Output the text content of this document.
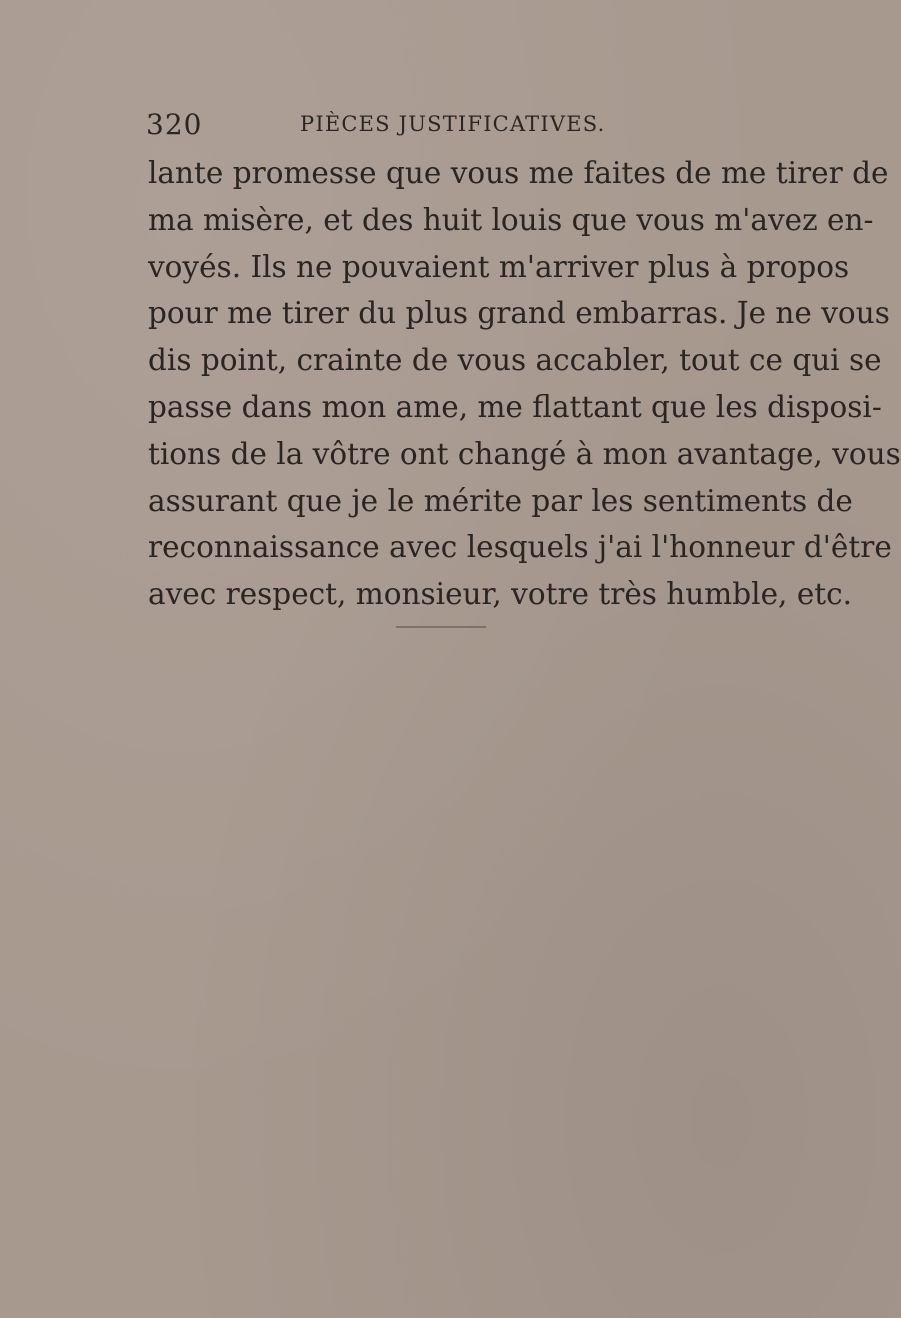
320	PIÈCES JUSTIFICATIVES.
lante promesse que vous me faites de me tirer de
ma misère, et des huit louis que vous m'avez en-
voyés. Ils ne pouvaient m'arriver plus à propos
pour me tirer du plus grand embarras. Je ne vous
dis point, crainte de vous accabler, tout ce qui se
passe dans mon ame, me flattant que les disposi-
tions de la vôtre ont changé à mon avantage, vous
assurant que je le mérite par les sentiments de
reconnaissance avec lesquels j'ai l'honneur d'être
avec respect, monsieur, votre très humble, etc.
